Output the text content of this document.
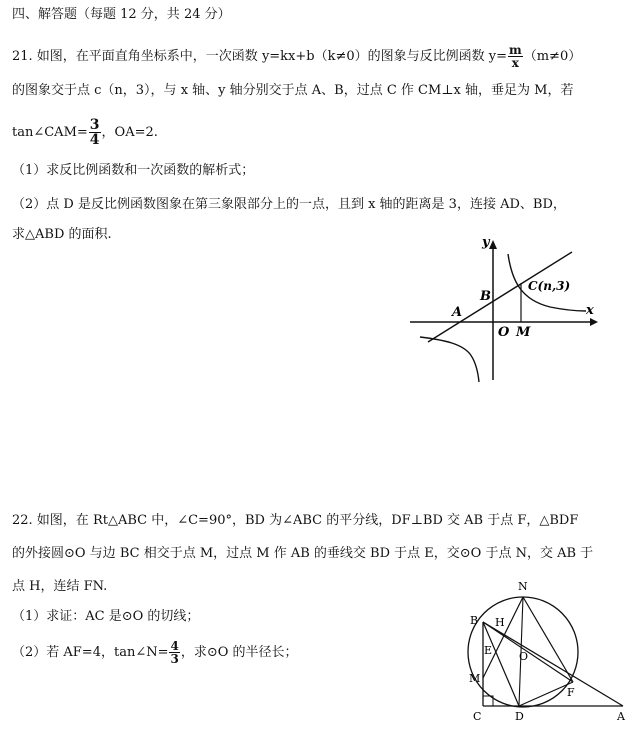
四、解答题（每题 12 分，共 24 分）
21. 如图，在平面直角坐标系中，一次函数 y=kx+b（k≠0）的图象与反比例函数 $y= \frac{m}{x} (m\ne 0)$
的图象交于点 c（n，3），与 x 轴、y 轴分别交于点 A、B，过点 C 作 CM⊥x 轴，垂足为 M，若
tan∠CAM= $\frac{3}{4}$ ，OA=2.
（1）求反比例函数和一次函数的解析式；
（2）点 D 是反比例函数图象在第三象限部分上的一点，且到 x 轴的距离是 3，连接 AD、BD，
求△ABD 的面积.
y
x
A
B
C(n,3)
O M
22. 如图，在 Rt△ABC 中，∠C=90°，BD 为∠ABC 的平分线，DF⊥BD 交 AB 于点 F，△BDF
的外接圆⊙O 与边 BC 相交于点 M，过点 M 作 AB 的垂线交 BD 于点 E，交⊙O 于点 N，交 AB 于
点 H，连结 FN.
（1）求证：AC 是⊙O 的切线；
（2）若 AF=4，tan∠N= $\frac{4}{3}$ ，求⊙O 的半径长；
N
B H
E O
M
F
C	D	A
